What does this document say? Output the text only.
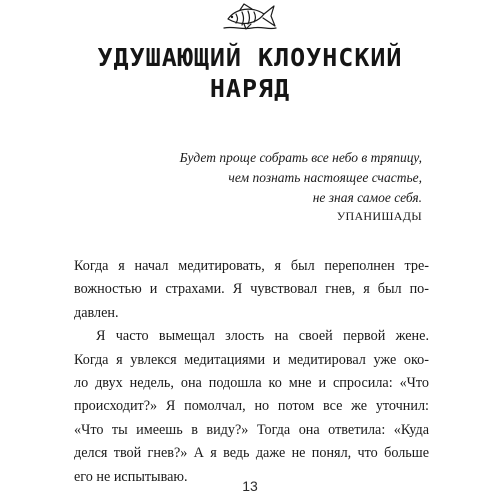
УДУШАЮЩИЙ КЛОУНСКИЙ
НАРЯД
Будет проще собрать все небо в тряпицу,
чем познать настоящее счастье,
не зная самое себя.
УПАНИШАДЫ
Когда я начал медитировать, я был переполнен тре-
вожностью и страхами. Я чувствовал гнев, я был по-
давлен.
Я часто вымещал злость на своей первой жене.
Когда я увлекся медитациями и медитировал уже око-
ло двух недель, она подошла ко мне и спросила: «Что
происходит?» Я помолчал, но потом все же уточнил:
«Что ты имеешь в виду?» Тогда она ответила: «Куда
делся твой гнев?» А я ведь даже не понял, что больше
его не испытываю.
13
